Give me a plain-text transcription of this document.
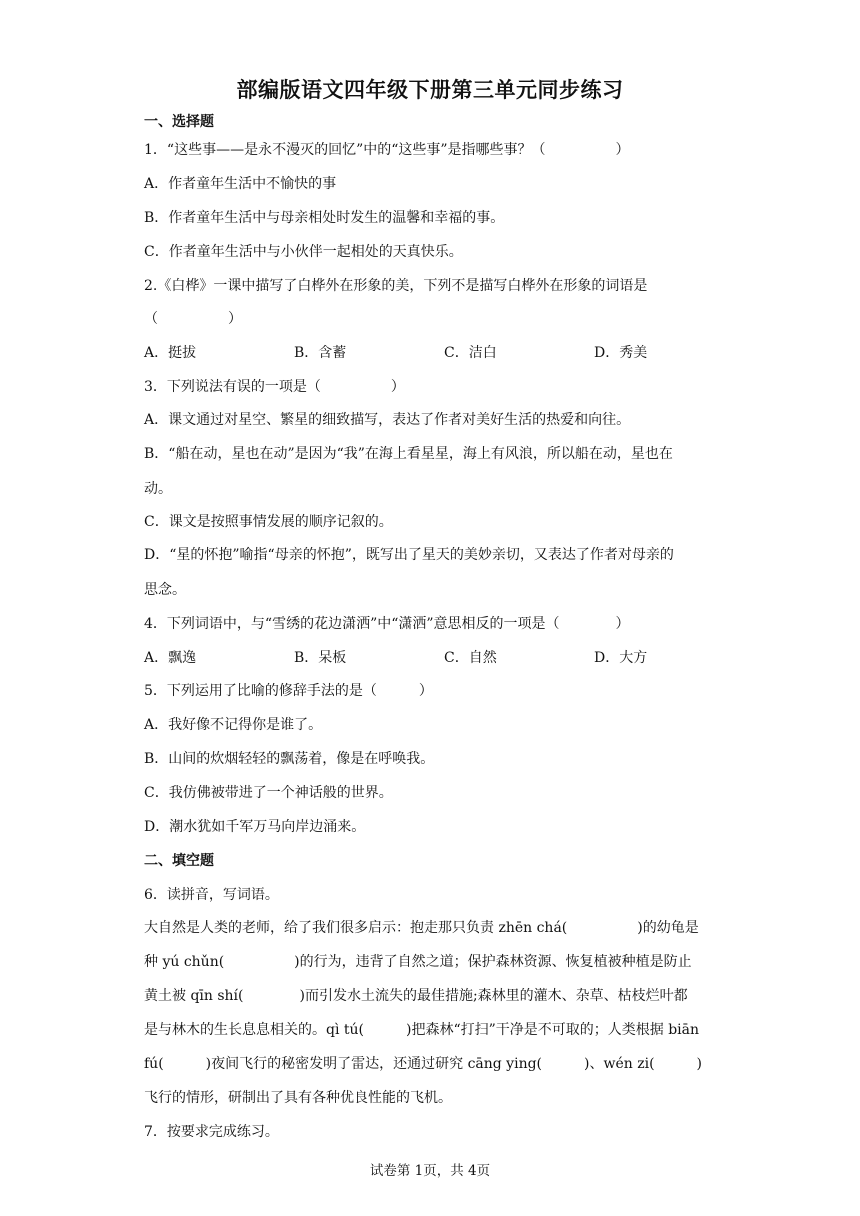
部编版语文四年级下册第三单元同步练习
一、选择题
1．“这些事——是永不漫灭的回忆”中的“这些事”是指哪些事？（　　　　　）
A．作者童年生活中不愉快的事
B．作者童年生活中与母亲相处时发生的温馨和幸福的事。
C．作者童年生活中与小伙伴一起相处的天真快乐。
2.《白桦》一课中描写了白桦外在形象的美，下列不是描写白桦外在形象的词语是
（　　　　　）
A．挺拔	B．含蓄	C．洁白	D．秀美
3．下列说法有误的一项是（　　　　　）
A．课文通过对星空、繁星的细致描写，表达了作者对美好生活的热爱和向往。
B．“船在动，星也在动”是因为“我”在海上看星星，海上有风浪，所以船在动，星也在
动。
C．课文是按照事情发展的顺序记叙的。
D．“星的怀抱”喻指“母亲的怀抱”，既写出了星天的美妙亲切，又表达了作者对母亲的
思念。
4．下列词语中，与“雪绣的花边潇洒”中“潇洒”意思相反的一项是（　　　　）
A．飘逸	B．呆板	C．自然	D．大方
5．下列运用了比喻的修辞手法的是（　　　）
A．我好像不记得你是谁了。
B．山间的炊烟轻轻的飘荡着，像是在呼唤我。
C．我仿佛被带进了一个神话般的世界。
D．潮水犹如千军万马向岸边涌来。
二、填空题
6．读拼音，写词语。
大自然是人类的老师，给了我们很多启示：抱走那只负责 zhēn chá(　　　　　)的幼龟是
种 yú chǔn(　　　　　)的行为，违背了自然之道；保护森林资源、恢复植被种植是防止
黄土被 qīn shí(　　　　)而引发水土流失的最佳措施;森林里的灌木、杂草、枯枝烂叶都
是与林木的生长息息相关的。qì tú(　　　)把森林“打扫”干净是不可取的；人类根据 biān
fú(　　　)夜间飞行的秘密发明了雷达，还通过研究 cāng ying(　　　)、wén zi(　　　)
飞行的情形，研制出了具有各种优良性能的飞机。
7．按要求完成练习。
试卷第 1页，共 4页
